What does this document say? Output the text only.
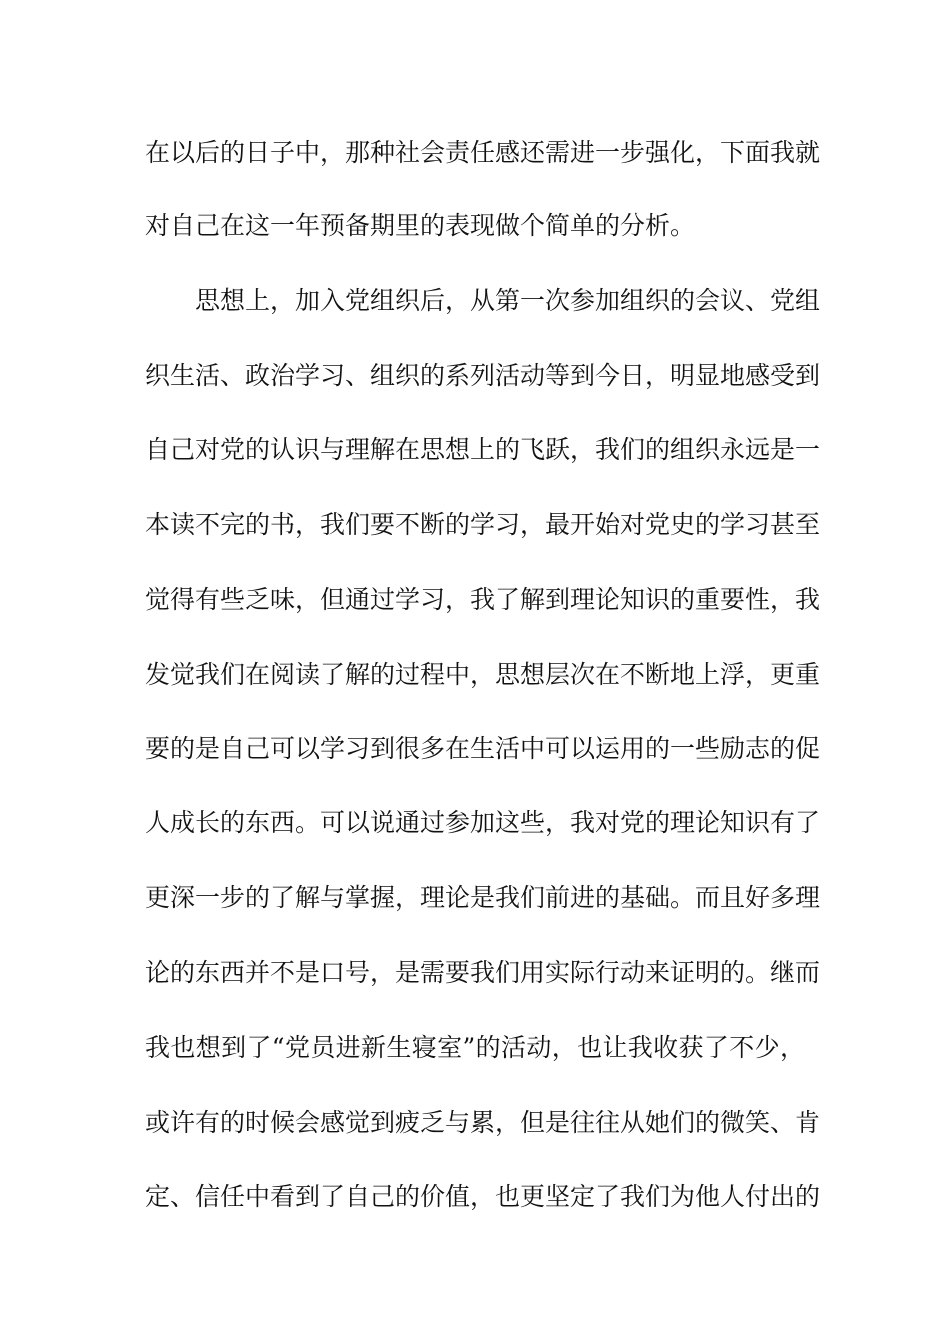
在以后的日子中，那种社会责任感还需进一步强化，下面我就
对自己在这一年预备期里的表现做个简单的分析。
思想上，加入党组织后，从第一次参加组织的会议、党组
织生活、政治学习、组织的系列活动等到今日，明显地感受到
自己对党的认识与理解在思想上的飞跃，我们的组织永远是一
本读不完的书，我们要不断的学习，最开始对党史的学习甚至
觉得有些乏味，但通过学习，我了解到理论知识的重要性，我
发觉我们在阅读了解的过程中，思想层次在不断地上浮，更重
要的是自己可以学习到很多在生活中可以运用的一些励志的促
人成长的东西。可以说通过参加这些，我对党的理论知识有了
更深一步的了解与掌握，理论是我们前进的基础。而且好多理
论的东西并不是口号，是需要我们用实际行动来证明的。继而
我也想到了“党员进新生寝室”的活动，也让我收获了不少，
或许有的时候会感觉到疲乏与累，但是往往从她们的微笑、肯
定、信任中看到了自己的价值，也更坚定了我们为他人付出的
